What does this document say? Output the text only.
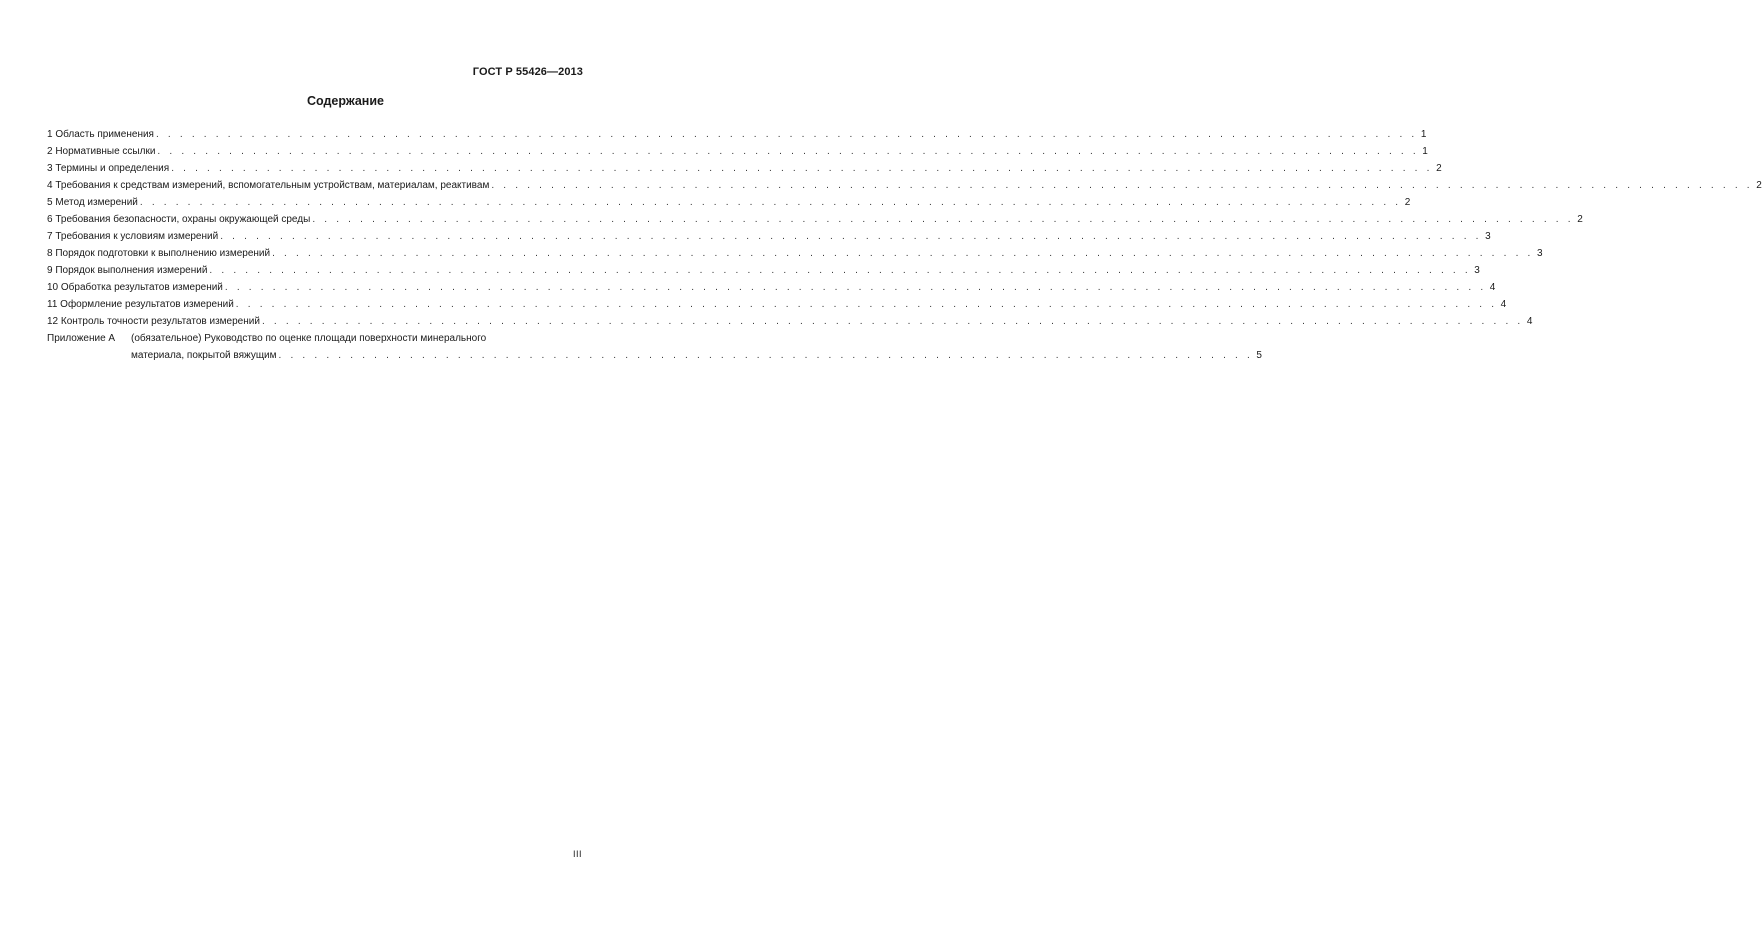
ГОСТ Р 55426—2013
Содержание
1 Область применения . . .	1
2 Нормативные ссылки . . .	1
3 Термины и определения . . .	2
4 Требования к средствам измерений, вспомогательным устройствам, материалам, реактивам . . .	2
5 Метод измерений . . .	2
6 Требования безопасности, охраны окружающей среды . . .	2
7 Требования к условиям измерений . . .	3
8 Порядок подготовки к выполнению измерений . . .	3
9 Порядок выполнения измерений . . .	3
10 Обработка результатов измерений . . .	4
11 Оформление результатов измерений . . .	4
12 Контроль точности результатов измерений . . .	4
Приложение А	(обязательное) Руководство по оценке площади поверхности минерального
материала, покрытой вяжущим . . .	5
III
